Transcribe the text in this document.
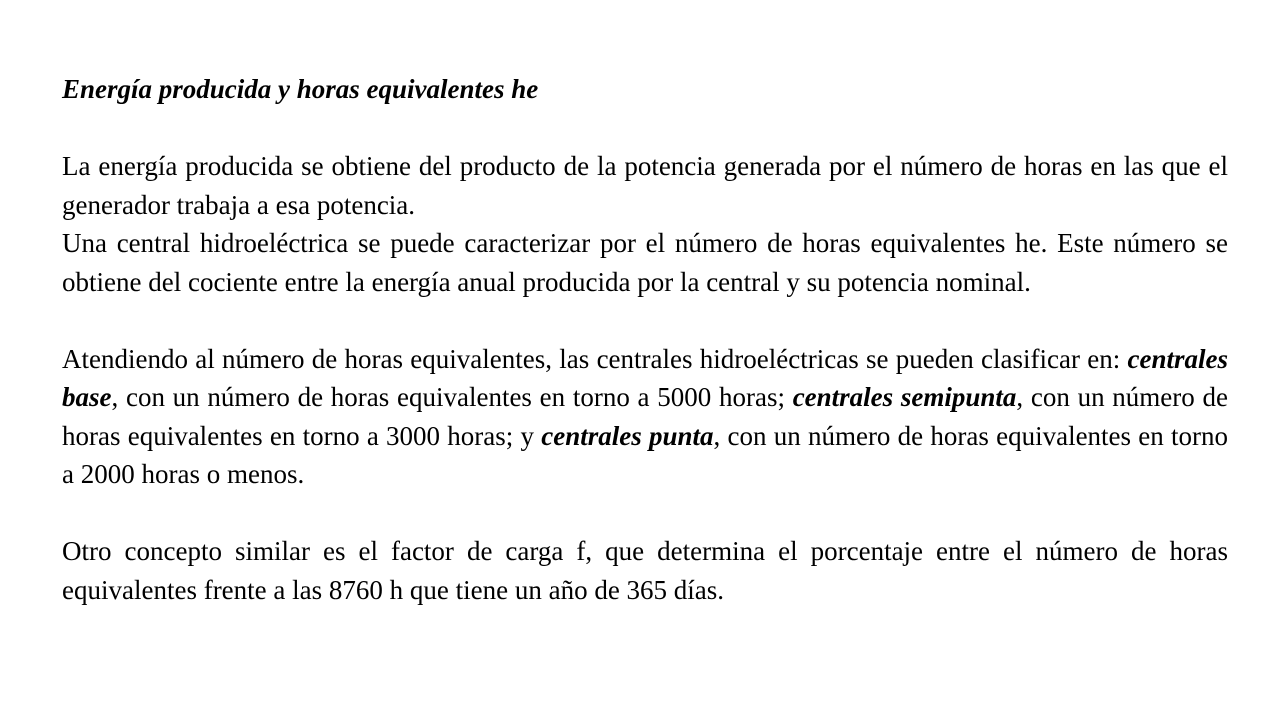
Energía producida y horas equivalentes he

La energía producida se obtiene del producto de la potencia generada por el número de horas en las que el generador trabaja a esa potencia.

Una central hidroeléctrica se puede caracterizar por el número de horas equivalentes he. Este número se obtiene del cociente entre la energía anual producida por la central y su potencia nominal.

Atendiendo al número de horas equivalentes, las centrales hidroeléctricas se pueden clasificar en: centrales base, con un número de horas equivalentes en torno a 5000 horas; centrales semipunta, con un número de horas equivalentes en torno a 3000 horas; y centrales punta, con un número de horas equivalentes en torno a 2000 horas o menos.

Otro concepto similar es el factor de carga f, que determina el porcentaje entre el número de horas equivalentes frente a las 8760 h que tiene un año de 365 días.
